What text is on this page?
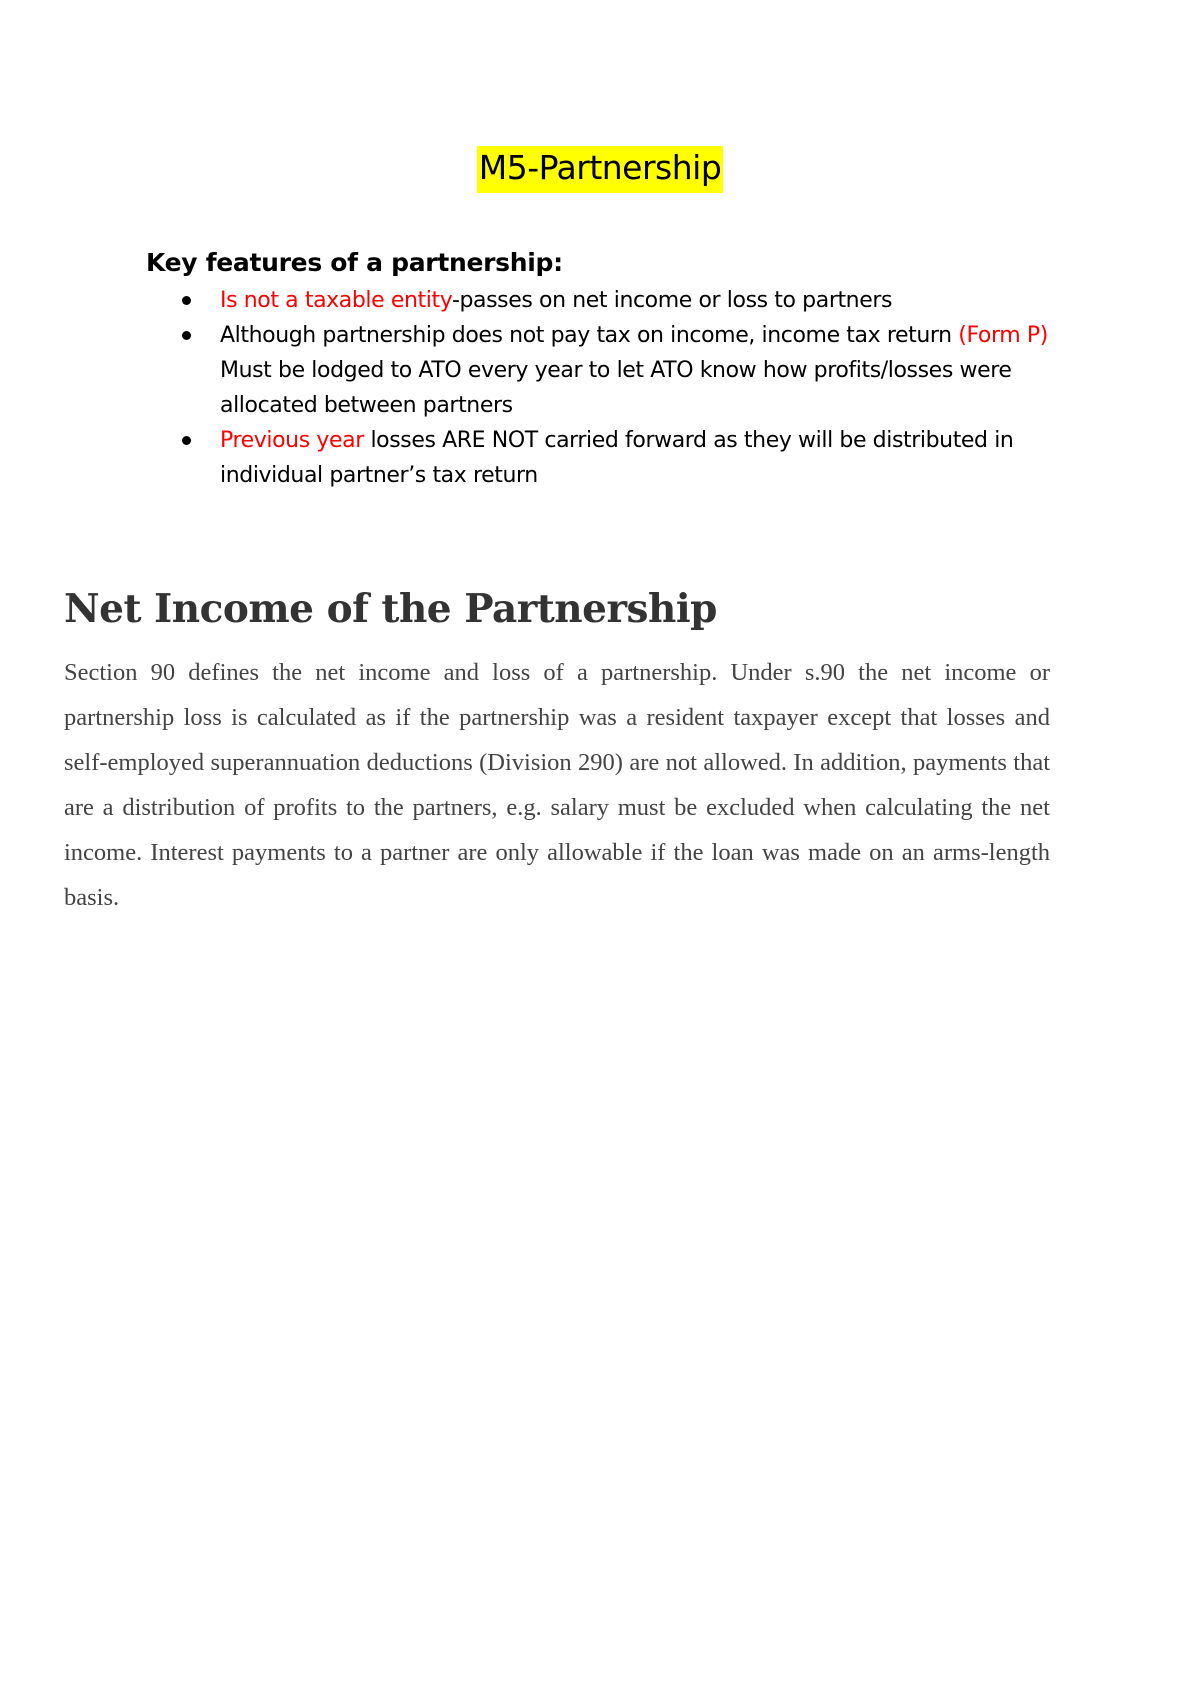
M5-Partnership

Key features of a partnership:

Is not a taxable entity-passes on net income or loss to partners
Although partnership does not pay tax on income, income tax return (Form P) Must be lodged to ATO every year to let ATO know how profits/losses were allocated between partners
Previous year losses ARE NOT carried forward as they will be distributed in individual partner’s tax return
Net Income of the Partnership

Section 90 defines the net income and loss of a partnership. Under s.90 the net income or partnership loss is calculated as if the partnership was a resident taxpayer except that losses and self-employed superannuation deductions (Division 290) are not allowed. In addition, payments that are a distribution of profits to the partners, e.g. salary must be excluded when calculating the net income. Interest payments to a partner are only allowable if the loan was made on an arms-length basis.
